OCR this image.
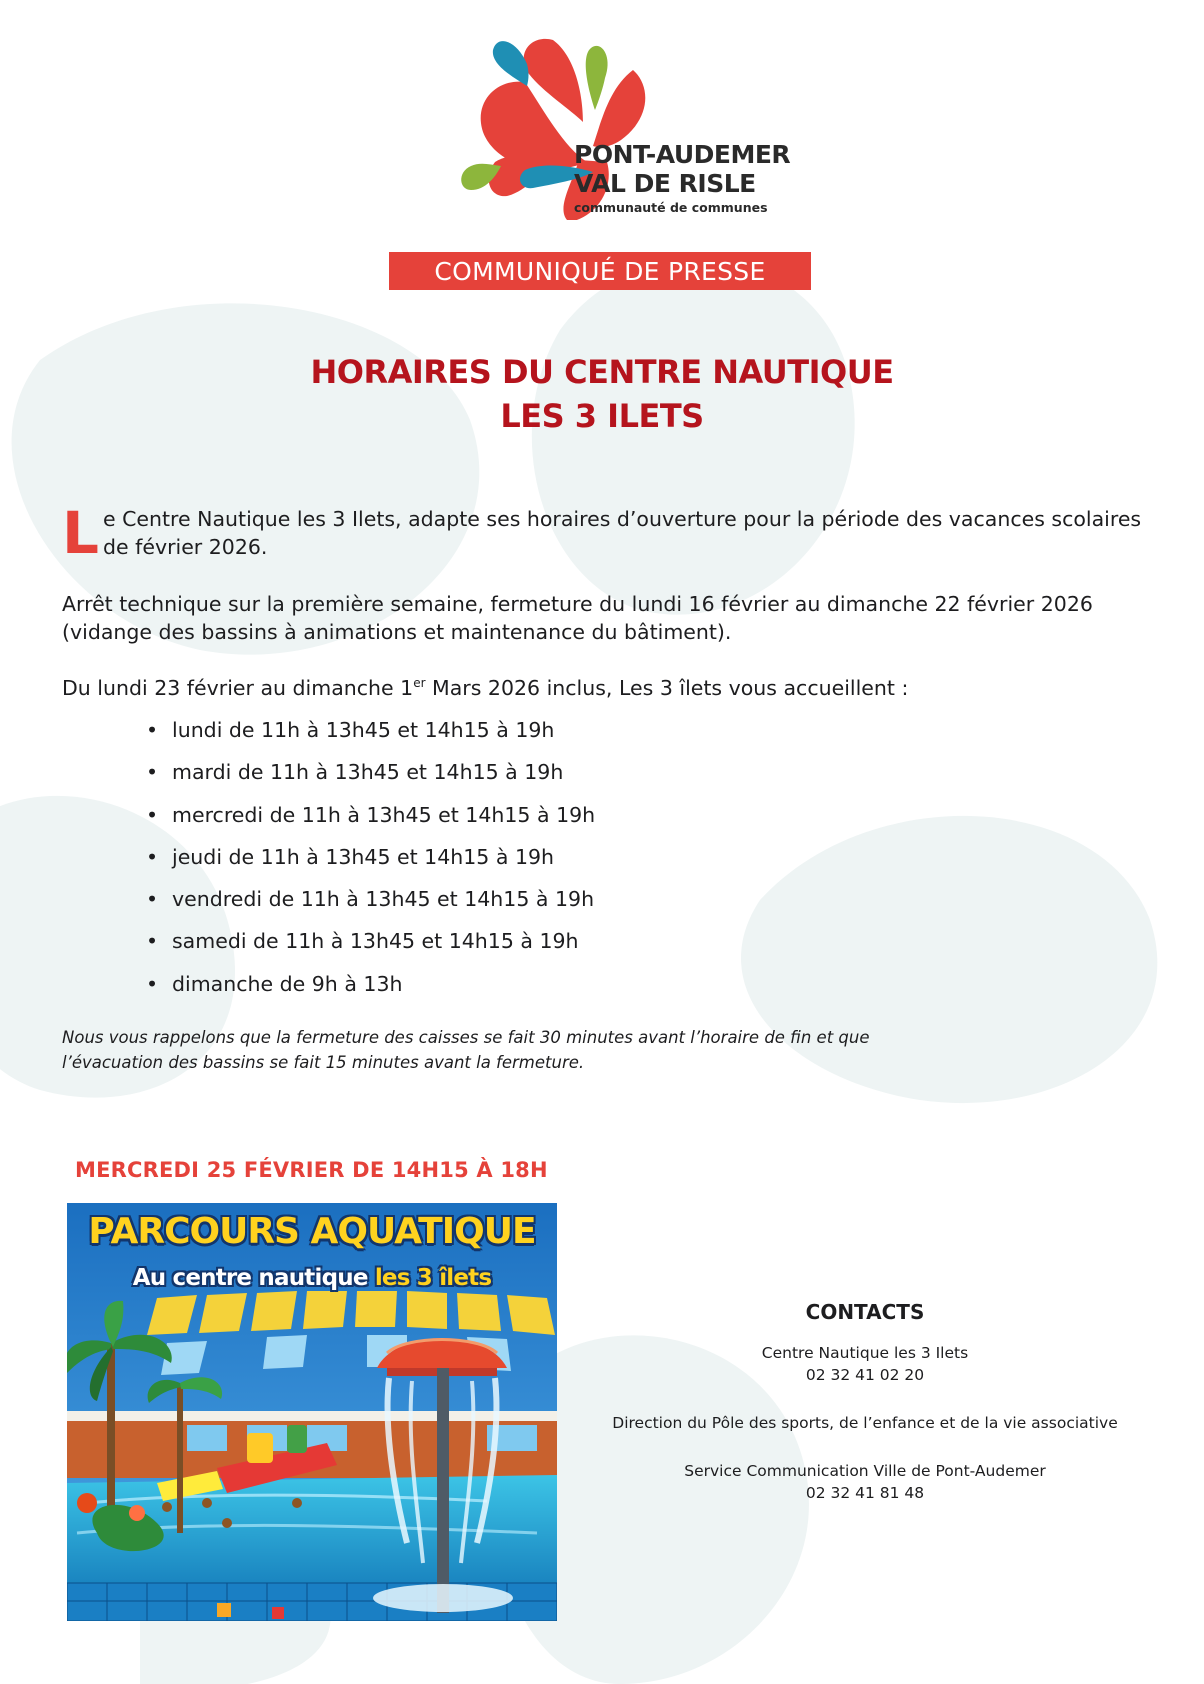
PONT-AUDEMER
VAL DE RISLE
communauté de communes
COMMUNIQUÉ DE PRESSE
HORAIRES DU CENTRE NAUTIQUE
LES 3 ILETS
Le Centre Nautique les 3 Ilets, adapte ses horaires d’ouverture pour la période des vacances scolaires de février 2026.
Arrêt technique sur la première semaine, fermeture du lundi 16 février au dimanche 22 février 2026 (vidange des bassins à animations et maintenance du bâtiment).
Du lundi 23 février au dimanche 1er Mars 2026 inclus, Les 3 îlets vous accueillent :
• lundi de 11h à 13h45 et 14h15 à 19h
• mardi de 11h à 13h45 et 14h15 à 19h
• mercredi de 11h à 13h45 et 14h15 à 19h
• jeudi de 11h à 13h45 et 14h15 à 19h
• vendredi de 11h à 13h45 et 14h15 à 19h
• samedi de 11h à 13h45 et 14h15 à 19h
• dimanche de 9h à 13h
Nous vous rappelons que la fermeture des caisses se fait 30 minutes avant l’horaire de fin et que
l’évacuation des bassins se fait 15 minutes avant la fermeture.
MERCREDI 25 FÉVRIER DE 14H15 À 18H
PARCOURS AQUATIQUE
Au centre nautique les 3 îlets
CONTACTS
Centre Nautique les 3 Ilets
02 32 41 02 20
Direction du Pôle des sports, de l’enfance et de la vie associative
Service Communication Ville de Pont-Audemer
02 32 41 81 48
